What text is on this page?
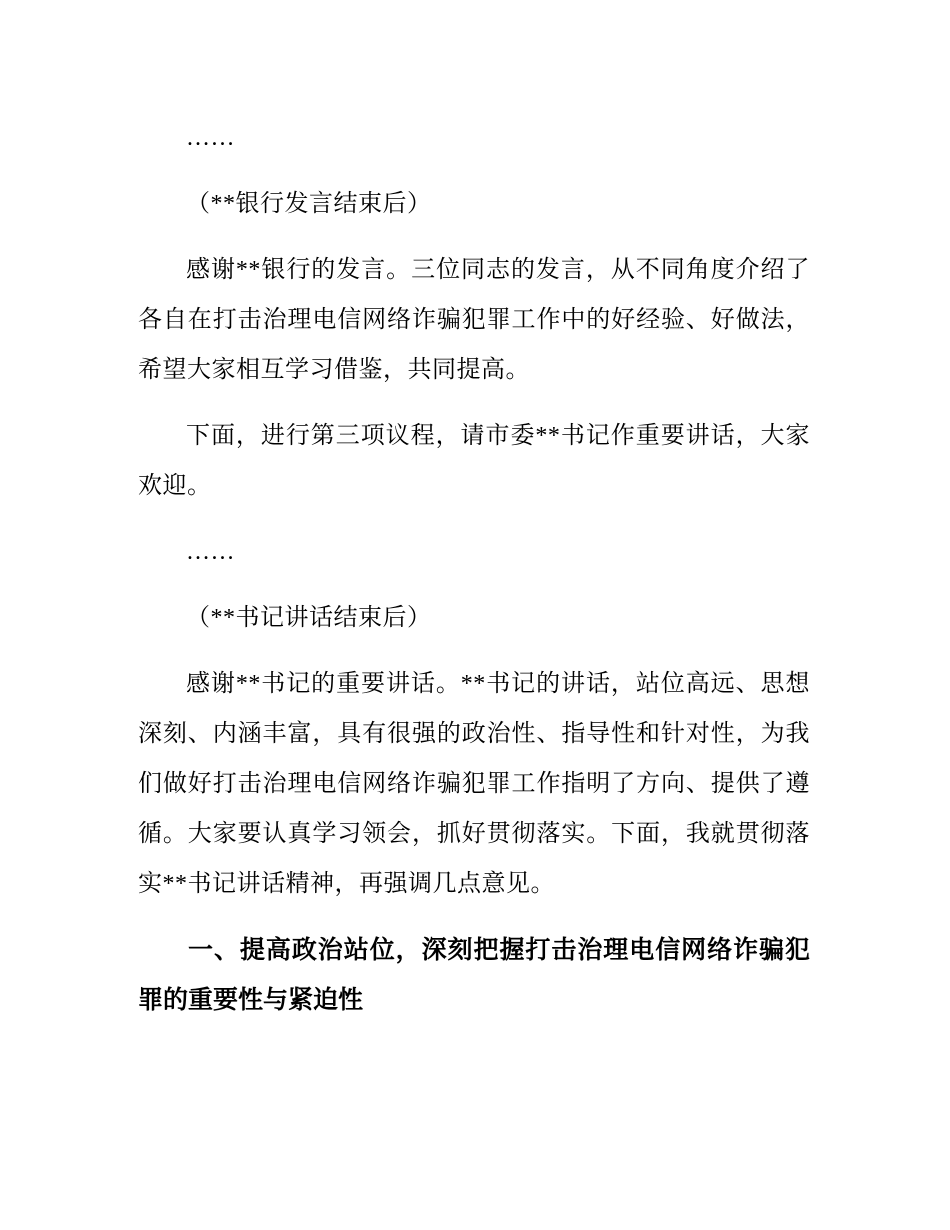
……

（**银行发言结束后）

感谢**银行的发言。三位同志的发言，从不同角度介绍了各自在打击治理电信网络诈骗犯罪工作中的好经验、好做法，希望大家相互学习借鉴，共同提高。

下面，进行第三项议程，请市委**书记作重要讲话，大家欢迎。

……

（**书记讲话结束后）

感谢**书记的重要讲话。**书记的讲话，站位高远、思想深刻、内涵丰富，具有很强的政治性、指导性和针对性，为我们做好打击治理电信网络诈骗犯罪工作指明了方向、提供了遵循。大家要认真学习领会，抓好贯彻落实。下面，我就贯彻落实**书记讲话精神，再强调几点意见。

一、提高政治站位，深刻把握打击治理电信网络诈骗犯罪的重要性与紧迫性
